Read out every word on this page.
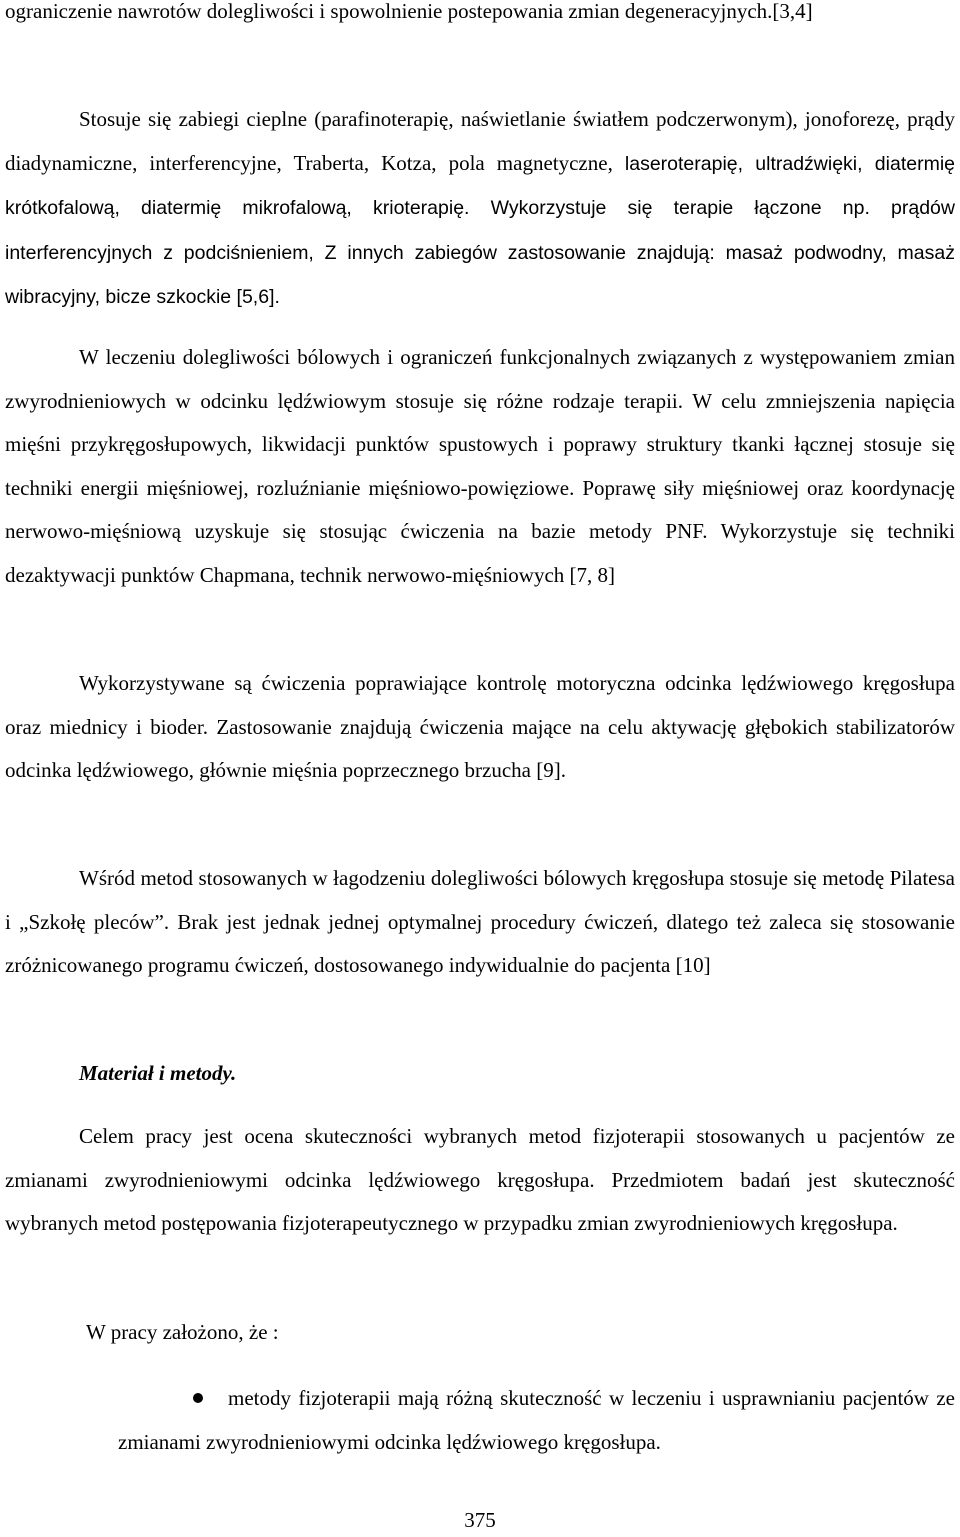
ograniczenie nawrotów dolegliwości i spowolnienie postepowania zmian degeneracyjnych.[3,4]

Stosuje się zabiegi cieplne (parafinoterapię, naświetlanie światłem podczerwonym), jonoforezę, prądy diadynamiczne, interferencyjne, Traberta, Kotza, pola magnetyczne, laseroterapię, ultradźwięki, diatermię krótkofalową, diatermię mikrofalową, krioterapię. Wykorzystuje się terapie łączone np. prądów interferencyjnych z podciśnieniem, Z innych zabiegów zastosowanie znajdują: masaż podwodny, masaż wibracyjny, bicze szkockie [5,6].

W leczeniu dolegliwości bólowych i ograniczeń funkcjonalnych związanych z występowaniem zmian zwyrodnieniowych w odcinku lędźwiowym stosuje się różne rodzaje terapii. W celu zmniejszenia napięcia mięśni przykręgosłupowych, likwidacji punktów spustowych i poprawy struktury tkanki łącznej stosuje się techniki energii mięśniowej, rozluźnianie mięśniowo-powięziowe. Poprawę siły mięśniowej oraz koordynację nerwowo-mięśniową uzyskuje się stosując ćwiczenia na bazie metody PNF. Wykorzystuje się techniki dezaktywacji punktów Chapmana, technik nerwowo-mięśniowych [7, 8]

Wykorzystywane są ćwiczenia poprawiające kontrolę motoryczna odcinka lędźwiowego kręgosłupa oraz miednicy i bioder. Zastosowanie znajdują ćwiczenia mające na celu aktywację głębokich stabilizatorów odcinka lędźwiowego, głównie mięśnia poprzecznego brzucha [9].

Wśród metod stosowanych w łagodzeniu dolegliwości bólowych kręgosłupa stosuje się metodę Pilatesa i „Szkołę pleców”. Brak jest jednak jednej optymalnej procedury ćwiczeń, dlatego też zaleca się stosowanie zróżnicowanego programu ćwiczeń, dostosowanego indywidualnie do pacjenta [10]

Materiał i metody.

Celem pracy jest ocena skuteczności wybranych metod fizjoterapii stosowanych u pacjentów ze zmianami zwyrodnieniowymi odcinka lędźwiowego kręgosłupa. Przedmiotem badań jest skuteczność wybranych metod postępowania fizjoterapeutycznego w przypadku zmian zwyrodnieniowych kręgosłupa.

W pracy założono, że :

metody fizjoterapii mają różną skuteczność w leczeniu i usprawnianiu pacjentów ze zmianami zwyrodnieniowymi odcinka lędźwiowego kręgosłupa.
375
